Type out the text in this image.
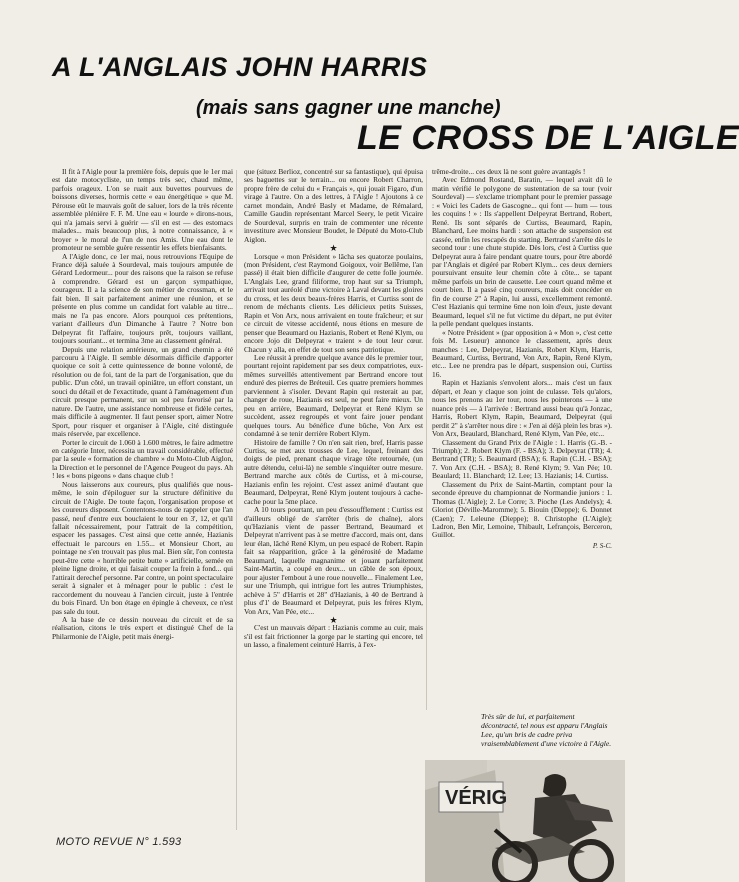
A L'ANGLAIS JOHN HARRIS
(mais sans gagner une manche)
LE CROSS DE L'AIGLE

Il fit à l'Aigle pour la première fois, depuis que le 1er mai est date motocycliste, un temps très sec, chaud même, parfois orageux. L'on se ruait aux buvettes pourvues de boissons diverses, hormis cette « eau énergétique » que M. Pérouse eût le mauvais goût de saluer, lors de la très récente assemblée plénière F. F. M. Une eau « lourde » dirons-nous, qui n'a jamais servi à guérir — s'il en est — des estomacs malades... mais beaucoup plus, à notre connaissance, à « broyer » le moral de l'un de nos Amis. Une eau dont le promoteur ne semble guère ressentir les effets bienfaisants.

A l'Aigle donc, ce 1er mai, nous retrouvions l'Equipe de France déjà saluée à Sourdeval, mais toujours amputée de Gérard Ledormeur... pour des raisons que la raison se refuse à comprendre. Gérard est un garçon sympathique, courageux. Il a la science de son métier de crossman, et le fait bien. Il sait parfaitement animer une réunion, et se présente en plus comme un candidat fort valable au titre... mais ne l'a pas encore. Alors pourquoi ces prétentions, variant d'ailleurs d'un Dimanche à l'autre ? Notre bon Delpeyrat fit l'affaire, toujours prêt, toujours vaillant, toujours souriant... et termina 3me au classement général.

Depuis une relation antérieure, un grand chemin a été parcouru à l'Aigle. Il semble désormais difficile d'apporter quoique ce soit à cette quintessence de bonne volonté, de résolution ou de foi, tant de la part de l'organisation, que du public. D'un côté, un travail opiniâtre, un effort constant, un souci du détail et de l'exactitude, quant à l'aménagement d'un circuit presque permanent, sur un sol peu favorisé par la nature. De l'autre, une assistance nombreuse et fidèle certes, mais difficile à augmenter. Il faut penser sport, aimer Notre Sport, pour risquer et organiser à l'Aigle, cité distinguée mais réservée, par excellence.

Porter le circuit de 1.060 à 1.600 mètres, le faire admettre en catégorie Inter, nécessita un travail considérable, effectué par la seule « formation de chambre » du Moto-Club Aiglon, la Direction et le personnel de l'Agence Peugeot du pays. Ah ! les « bons pigeons » dans chaque club !

Nous laisserons aux coureurs, plus qualifiés que nous-même, le soin d'épiloguer sur la structure définitive du circuit de l'Aigle. De toute façon, l'organisation propose et les coureurs disposent. Contentons-nous de rappeler que l'an passé, neuf d'entre eux bouclaient le tour en 3', 12, et qu'il fallait nécessairement, pour l'attrait de la compétition, espacer les passages. C'est ainsi que cette année, Hazianis effectuait le parcours en 1.55... et Monsieur Chort, au pointage ne s'en trouvait pas plus mal. Bien sûr, l'on contesta peut-être cette « horrible petite butte » artificielle, semée en pleine ligne droite, et qui faisait couper la frein à fond... qui l'attirait derechef personne. Par contre, un point spectaculaire serait à signaler et à ménager pour le public : c'est le raccordement du nouveau à l'ancien circuit, juste à l'entrée du bois Finard. Un bon étage en épingle à cheveux, ce n'est pas sale du tout.

A la base de ce dessin nouveau du circuit et de sa réalisation, citons le très expert et distingué Chef de la Philarmonie de l'Aigle, petit mais énergi-

que (situez Berlioz, concentré sur sa fantastique), qui épuisa ses baguettes sur le terrain... ou encore Robert Charron, propre frère de celui du « Français », qui jouait Figaro, d'un virage à l'autre. On a des lettres, à l'Aigle ! Ajoutons à ce carnet mondain, André Basly et Madame, de Rémalard, Camille Gaudin représentant Marcel Seery, le petit Vicaire de Sourdeval, surpris en train de commenter une récente investiture avec Monsieur Boudet, le Député du Moto-Club Aiglon.

★

Lorsque « mon Président » lâcha ses quatorze poulains, (mon Président, c'est Raymond Goigoux, voir Bellême, l'an passé) il était bien difficile d'augurer de cette folle journée. L'Anglais Lee, grand filiforme, trop haut sur sa Triumph, arrivait tout auréolé d'une victoire à Laval devant les gloires du cross, et les deux beaux-frères Harris, et Curtiss sont de renom de méchants clients. Les délicieux petits Suisses, Rapin et Von Arx, nous arrivaient en toute fraîcheur; et sur ce circuit de vitesse accidenté, nous étions en mesure de penser que Beaumard ou Hazianis, Robert et René Klym, ou encore Jojo dit Delpeyrat « traient » de tout leur cœur. Chacun y alla, en effet de tout son sens patriotique.

Lee réussit à prendre quelque avance dès le premier tour, pourtant rejoint rapidement par ses deux compatriotes, eux-mêmes surveillés attentivement par Bertrand encore tout enduré des pierres de Bréteuil. Ces quatre premiers hommes parviennent à s'isoler. Devant Rapin qui resterait au par, changer de roue, Hazianis est seul, ne peut faire mieux. Un peu en arrière, Beaumard, Delpeyrat et René Klym se succèdent, assez regroupés et vont faire jouer pendant quelques tours. Au bénéfice d'une bûche, Von Arx est condamné à se tenir derrière Robert Klym.

Histoire de famille ? On n'en sait rien, bref, Harris passe Curtiss, se met aux trousses de Lee, lequel, freinant des doigts de pied, prenant chaque virage tête retournée, (un autre détendu, celui-là) ne semble s'inquiéter outre mesure. Bertrand marche aux côtés de Curtiss, et à mi-course, Hazianis enfin les rejoint. C'est assez animé d'autant que Beaumard, Delpeyrat, René Klym joutent toujours à cache-cache pour la 5me place.

A 10 tours pourtant, un peu d'essoufflement : Curtiss est d'ailleurs obligé de s'arrêter (bris de chaîne), alors qu'Hazianis vient de passer Bertrand, Beaumard et Delpeyrat n'arrivent pas à se mettre d'accord, mais ont, dans leur élan, lâché René Klym, un peu espacé de Robert. Rapin fait sa réapparition, grâce à la générosité de Madame Beaumard, laquelle magnanime et jouant parfaitement Saint-Martin, a coupé en deux... un câble de son époux, pour ajuster l'embout à une roue nouvelle... Finalement Lee, sur une Triumph, qui intrigue fort les autres Triumphistes, achève à 5" d'Harris et 28" d'Hazianis, à 40 de Bertrand à plus d'1' de Beaumard et Delpeyrat, puis les frères Klym, Von Arx, Van Pée, etc...

★

C'est un mauvais départ : Hazianis comme au cuir, mais s'il est fait frictionner la gorge par le starting qui encore, tel un lasso, a finalement ceinturé Harris, à l'ex-

trême-droite... ces deux là ne sont guère avantagés !

Avec Edmond Rostand, Baratin, — lequel avait dû le matin vérifié le polygone de sustentation de sa tour (voir Sourdeval) — s'exclame triomphant pour le premier passage : « Voici les Cadets de Gascogne... qui font — hum — tous les coquins ! » : Ils s'appellent Delpeyrat Bertrand, Robert, René. Ils sont séparés de Curtiss, Beaumard, Rapin, Blanchard, Lee moins hardi : son attache de suspension est cassée, enfin les rescapés du starting. Bertrand s'arrête dès le second tour : une chute stupide. Dès lors, c'est à Curtiss que Delpeyrat aura à faire pendant quatre tours, pour être abordé par l'Anglais et digéré par Robert Klym... ces deux derniers poursuivant ensuite leur chemin côte à côte... se tapant même parfois un brin de causette. Lee court quand même et court bien. Il a passé cinq coureurs, mais doit concéder en fin de course 2" à Rapin, lui aussi, excellemment remonté. C'est Hazianis qui termine 6me non loin d'eux, juste devant Beaumard, lequel s'il ne fut victime du départ, ne put éviter la pelle pendant quelques instants.

« Notre Président » (par opposition à « Mon », c'est cette fois M. Lesueur) annonce le classement, après deux manches : Lee, Delpeyrat, Hazianis, Robert Klym, Harris, Beaumard, Curtiss, Bertrand, Von Arx, Rapin, René Klym, etc... Lee ne prendra pas le départ, suspension oui, Curtiss 16.

Rapin et Hazianis s'envolent alors... mais c'est un faux départ, et Jean y claque son joint de culasse. Tels qu'alors, nous les prenons au 1er tour, nous les pointerons — à une nuance près — à l'arrivée : Bertrand aussi beau qu'à Jonzac, Harris, Robert Klym, Rapin, Beaumard, Delpeyrat (qui perdit 2" à s'arrêter nous dire : « J'en ai déjà plein les bras »). Von Arx, Beaulard, Blanchard, René Klym, Van Pée, etc...

Classement du Grand Prix de l'Aigle : 1. Harris (G.-B. - Triumph); 2. Robert Klym (F. - BSA); 3. Delpeyrat (TR); 4. Bertrand (TR); 5. Beaumard (BSA); 6. Rapin (C.H. - BSA); 7. Von Arx (C.H. - BSA); 8. René Klym; 9. Van Pée; 10. Beaulard; 11. Blanchard; 12. Lee; 13. Hazianis; 14. Curtiss.

Classement du Prix de Saint-Martin, comptant pour la seconde épreuve du championnat de Normandie juniors : 1. Thomas (L'Aigle); 2. Le Corre; 3. Pioche (Les Andelys); 4. Gloriot (Déville-Maromme); 5. Biouin (Dieppe); 6. Donnet (Caen); 7. Leleune (Dieppe); 8. Christophe (L'Aigle); Ladron, Ben Mir, Lemoine, Thibault, Lefrançois, Berceron, Guillot.

P. S-C.
Très sûr de lui, et parfaitement décontracté, tel nous est apparu l'Anglais Lee, qu'un bris de cadre priva vraisemblablement d'une victoire à l'Aigle.
VÉRIG
MOTO REVUE N° 1.593
